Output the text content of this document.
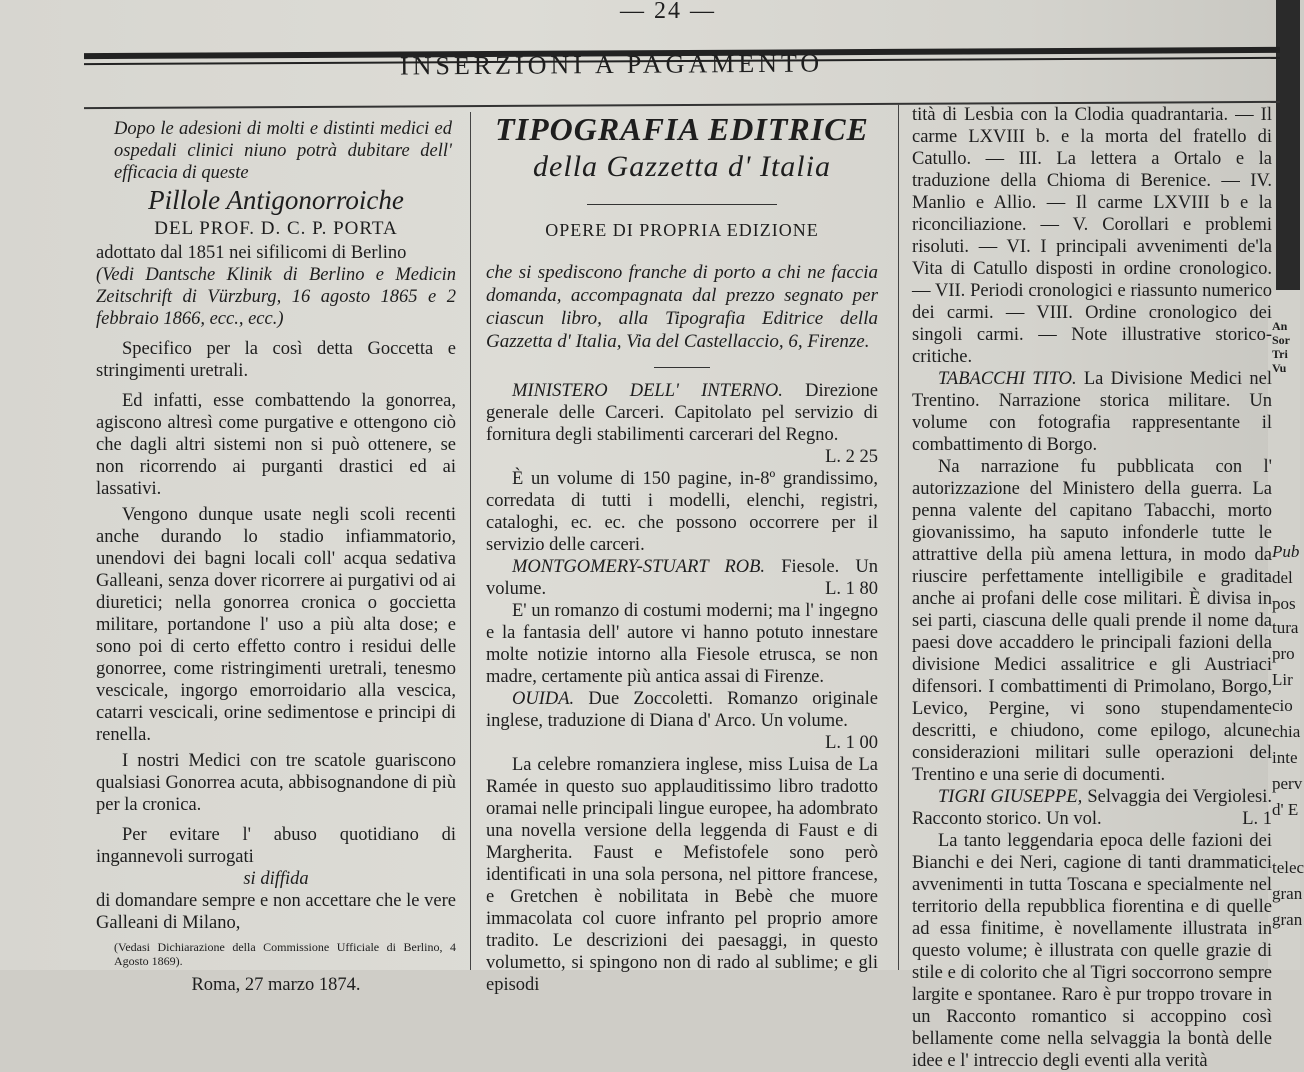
An
Sor
Tri
Vu
Pub
del
pos
tura
pro
Lir
cio
chia
inte
perv
d' E
telec
gran
gran
— 24 —
INSERZIONI A PAGAMENTO

Dopo le adesioni di molti e distinti medici ed ospedali clinici niuno potrà dubitare dell' efficacia di queste

Pillole Antigonorroiche

DEL PROF. D. C. P. PORTA

adottato dal 1851 nei sifilicomi di Berlino

(Vedi Dantsche Klinik di Berlino e Medicin Zeitschrift di Vürzburg, 16 agosto 1865 e 2 febbraio 1866, ecc., ecc.)

Specifico per la così detta Goccetta e stringimenti uretrali.

Ed infatti, esse combattendo la gonorrea, agiscono altresì come purgative e ottengono ciò che dagli altri sistemi non si può ottenere, se non ricorrendo ai purganti drastici ed ai lassativi.

Vengono dunque usate negli scoli recenti anche durando lo stadio infiammatorio, unendovi dei bagni locali coll' acqua sedativa Galleani, senza dover ricorrere ai purgativi od ai diuretici; nella gonorrea cronica o goccietta militare, portandone l' uso a più alta dose; e sono poi di certo effetto contro i residui delle gonorree, come ristringimenti uretrali, tenesmo vescicale, ingorgo emorroidario alla vescica, catarri vescicali, orine sedimentose e principi di renella.

I nostri Medici con tre scatole guariscono qualsiasi Gonorrea acuta, abbisognandone di più per la cronica.

Per evitare l' abuso quotidiano di ingannevoli surrogati

si diffida

di domandare sempre e non accettare che le vere Galleani di Milano,

(Vedasi Dichiarazione della Commissione Ufficiale di Berlino, 4 Agosto 1869).

Roma, 27 marzo 1874.

TIPOGRAFIA EDITRICE

della Gazzetta d' Italia

OPERE DI PROPRIA EDIZIONE

che si spediscono franche di porto a chi ne faccia domanda, accompagnata dal prezzo segnato per ciascun libro, alla Tipografia Editrice della Gazzetta d' Italia, Via del Castellaccio, 6, Firenze.

MINISTERO DELL' INTERNO. Direzione generale delle Carceri. Capitolato pel servizio di fornitura degli stabilimenti carcerari del Regno.
L. 2 25

È un volume di 150 pagine, in-8º grandissimo, corredata di tutti i modelli, elenchi, registri, cataloghi, ec. ec. che possono occorrere per il servizio delle carceri.

MONTGOMERY-STUART ROB. Fiesole. Un volume.	L. 1 80

E' un romanzo di costumi moderni; ma l' ingegno e la fantasia dell' autore vi hanno potuto innestare molte notizie intorno alla Fiesole etrusca, se non madre, certamente più antica assai di Firenze.

OUIDA. Due Zoccoletti. Romanzo originale inglese, traduzione di Diana d' Arco. Un volume.
L. 1 00

La celebre romanziera inglese, miss Luisa de La Ramée in questo suo applauditissimo libro tradotto oramai nelle principali lingue europee, ha adombrato una novella versione della leggenda di Faust e di Margherita. Faust e Mefistofele sono però identificati in una sola persona, nel pittore francese, e Gretchen è nobilitata in Bebè che muore immacolata col cuore infranto pel proprio amore tradito. Le descrizioni dei paesaggi, in questo volumetto, si spingono non di rado al sublime; e gli episodi

tità di Lesbia con la Clodia quadrantaria. — Il carme LXVIII b. e la morta del fratello di Catullo. — III. La lettera a Ortalo e la traduzione della Chioma di Berenice. — IV. Manlio e Allio. — Il carme LXVIII b e la riconciliazione. — V. Corollari e problemi risoluti. — VI. I principali avvenimenti de'la Vita di Catullo disposti in ordine cronologico. — VII. Periodi cronologici e riassunto numerico dei carmi. — VIII. Ordine cronologico dei singoli carmi. — Note illustrative storico-critiche.

TABACCHI TITO. La Divisione Medici nel Trentino. Narrazione storica militare. Un volume con fotografia rappresentante il combattimento di Borgo.

Na narrazione fu pubblicata con l' autorizzazione del Ministero della guerra. La penna valente del capitano Tabacchi, morto giovanissimo, ha saputo infonderle tutte le attrattive della più amena lettura, in modo da riuscire perfettamente intelligibile e gradita anche ai profani delle cose militari. È divisa in sei parti, ciascuna delle quali prende il nome da paesi dove accaddero le principali fazioni della divisione Medici assalitrice e gli Austriaci difensori. I combattimenti di Primolano, Borgo, Levico, Pergine, vi sono stupendamente descritti, e chiudono, come epilogo, alcune considerazioni militari sulle operazioni del Trentino e una serie di documenti.

TIGRI GIUSEPPE, Selvaggia dei Vergiolesi. Racconto storico. Un vol.	L. 1

La tanto leggendaria epoca delle fazioni dei Bianchi e dei Neri, cagione di tanti drammatici avvenimenti in tutta Toscana e specialmente nel territorio della repubblica fiorentina e di quelle ad essa finitime, è novellamente illustrata in questo volume; è illustrata con quelle grazie di stile e di colorito che al Tigri soccorrono sempre largite e spontanee. Raro è pur troppo trovare in un Racconto romantico si accoppino così bellamente come nella selvaggia la bontà delle idee e l' intreccio degli eventi alla verità
